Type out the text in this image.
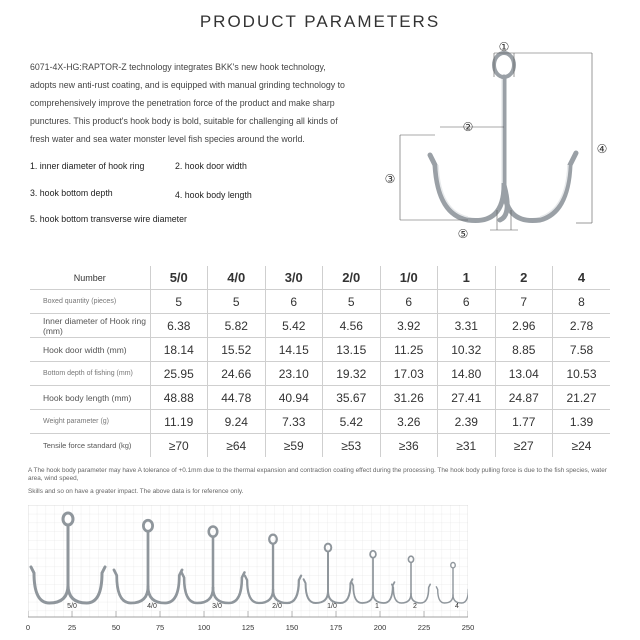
PRODUCT PARAMETERS
6071-4X-HG:RAPTOR-Z technology integrates BKK's new hook technology,
adopts new anti-rust coating, and is equipped with manual grinding technology to
comprehensively improve the penetration force of the product and make sharp
punctures. This product's hook body is bold, suitable for challenging all kinds of
fresh water and sea water monster level fish species around the world.
1. inner diameter of hook ring	2. hook door width
3. hook bottom depth	4. hook body length
5. hook bottom transverse wire diameter
①
②
③
④
⑤
Number	5/0	4/0	3/0	2/0	1/0	1	2	4
Boxed quantity (pieces)	5	5	6	5	6	6	7	8
Inner diameter of Hook ring (mm)	6.38	5.82	5.42	4.56	3.92	3.31	2.96	2.78
Hook door width (mm)	18.14	15.52	14.15	13.15	11.25	10.32	8.85	7.58
Bottom depth of fishing (mm)	25.95	24.66	23.10	19.32	17.03	14.80	13.04	10.53
Hook body length (mm)	48.88	44.78	40.94	35.67	31.26	27.41	24.87	21.27
Weight parameter (g)	11.19	9.24	7.33	5.42	3.26	2.39	1.77	1.39
Tensile force standard (kg)	≥70	≥64	≥59	≥53	≥36	≥31	≥27	≥24
A The hook body parameter may have A tolerance of +0.1mm due to the thermal expansion and contraction coating effect during the processing. The hook body pulling force is due to the fish species, water area, wind speed,
Skills and so on have a greater impact. The above data is for reference only.
0	25	50	75	100	125	150	175	200	225	250
5/0	4/0	3/0	2/0	1/0	1	2	4
